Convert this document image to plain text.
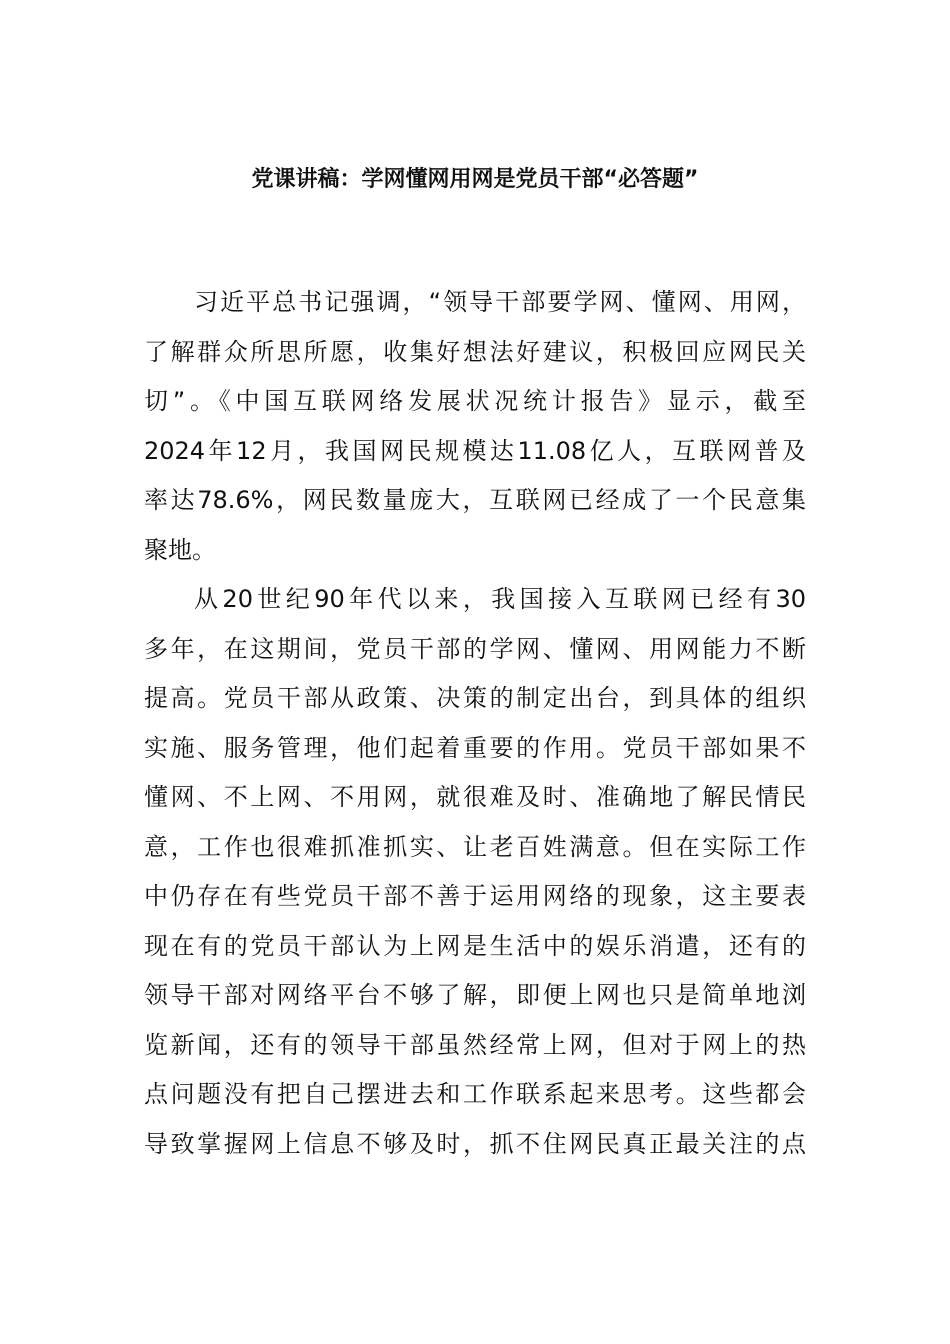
党课讲稿：学网懂网用网是党员干部“必答题”
习近平总书记强调，“领导干部要学网、懂网、用网，
了解群众所思所愿，收集好想法好建议，积极回应网民关
切”。《中国互联网络发展状况统计报告》显示，截至
2024年12月，我国网民规模达11.08亿人，互联网普及
率达78.6%，网民数量庞大，互联网已经成了一个民意集
聚地。
从20世纪90年代以来，我国接入互联网已经有30
多年，在这期间，党员干部的学网、懂网、用网能力不断
提高。党员干部从政策、决策的制定出台，到具体的组织
实施、服务管理，他们起着重要的作用。党员干部如果不
懂网、不上网、不用网，就很难及时、准确地了解民情民
意，工作也很难抓准抓实、让老百姓满意。但在实际工作
中仍存在有些党员干部不善于运用网络的现象，这主要表
现在有的党员干部认为上网是生活中的娱乐消遣，还有的
领导干部对网络平台不够了解，即便上网也只是简单地浏
览新闻，还有的领导干部虽然经常上网，但对于网上的热
点问题没有把自己摆进去和工作联系起来思考。这些都会
导致掌握网上信息不够及时，抓不住网民真正最关注的点
